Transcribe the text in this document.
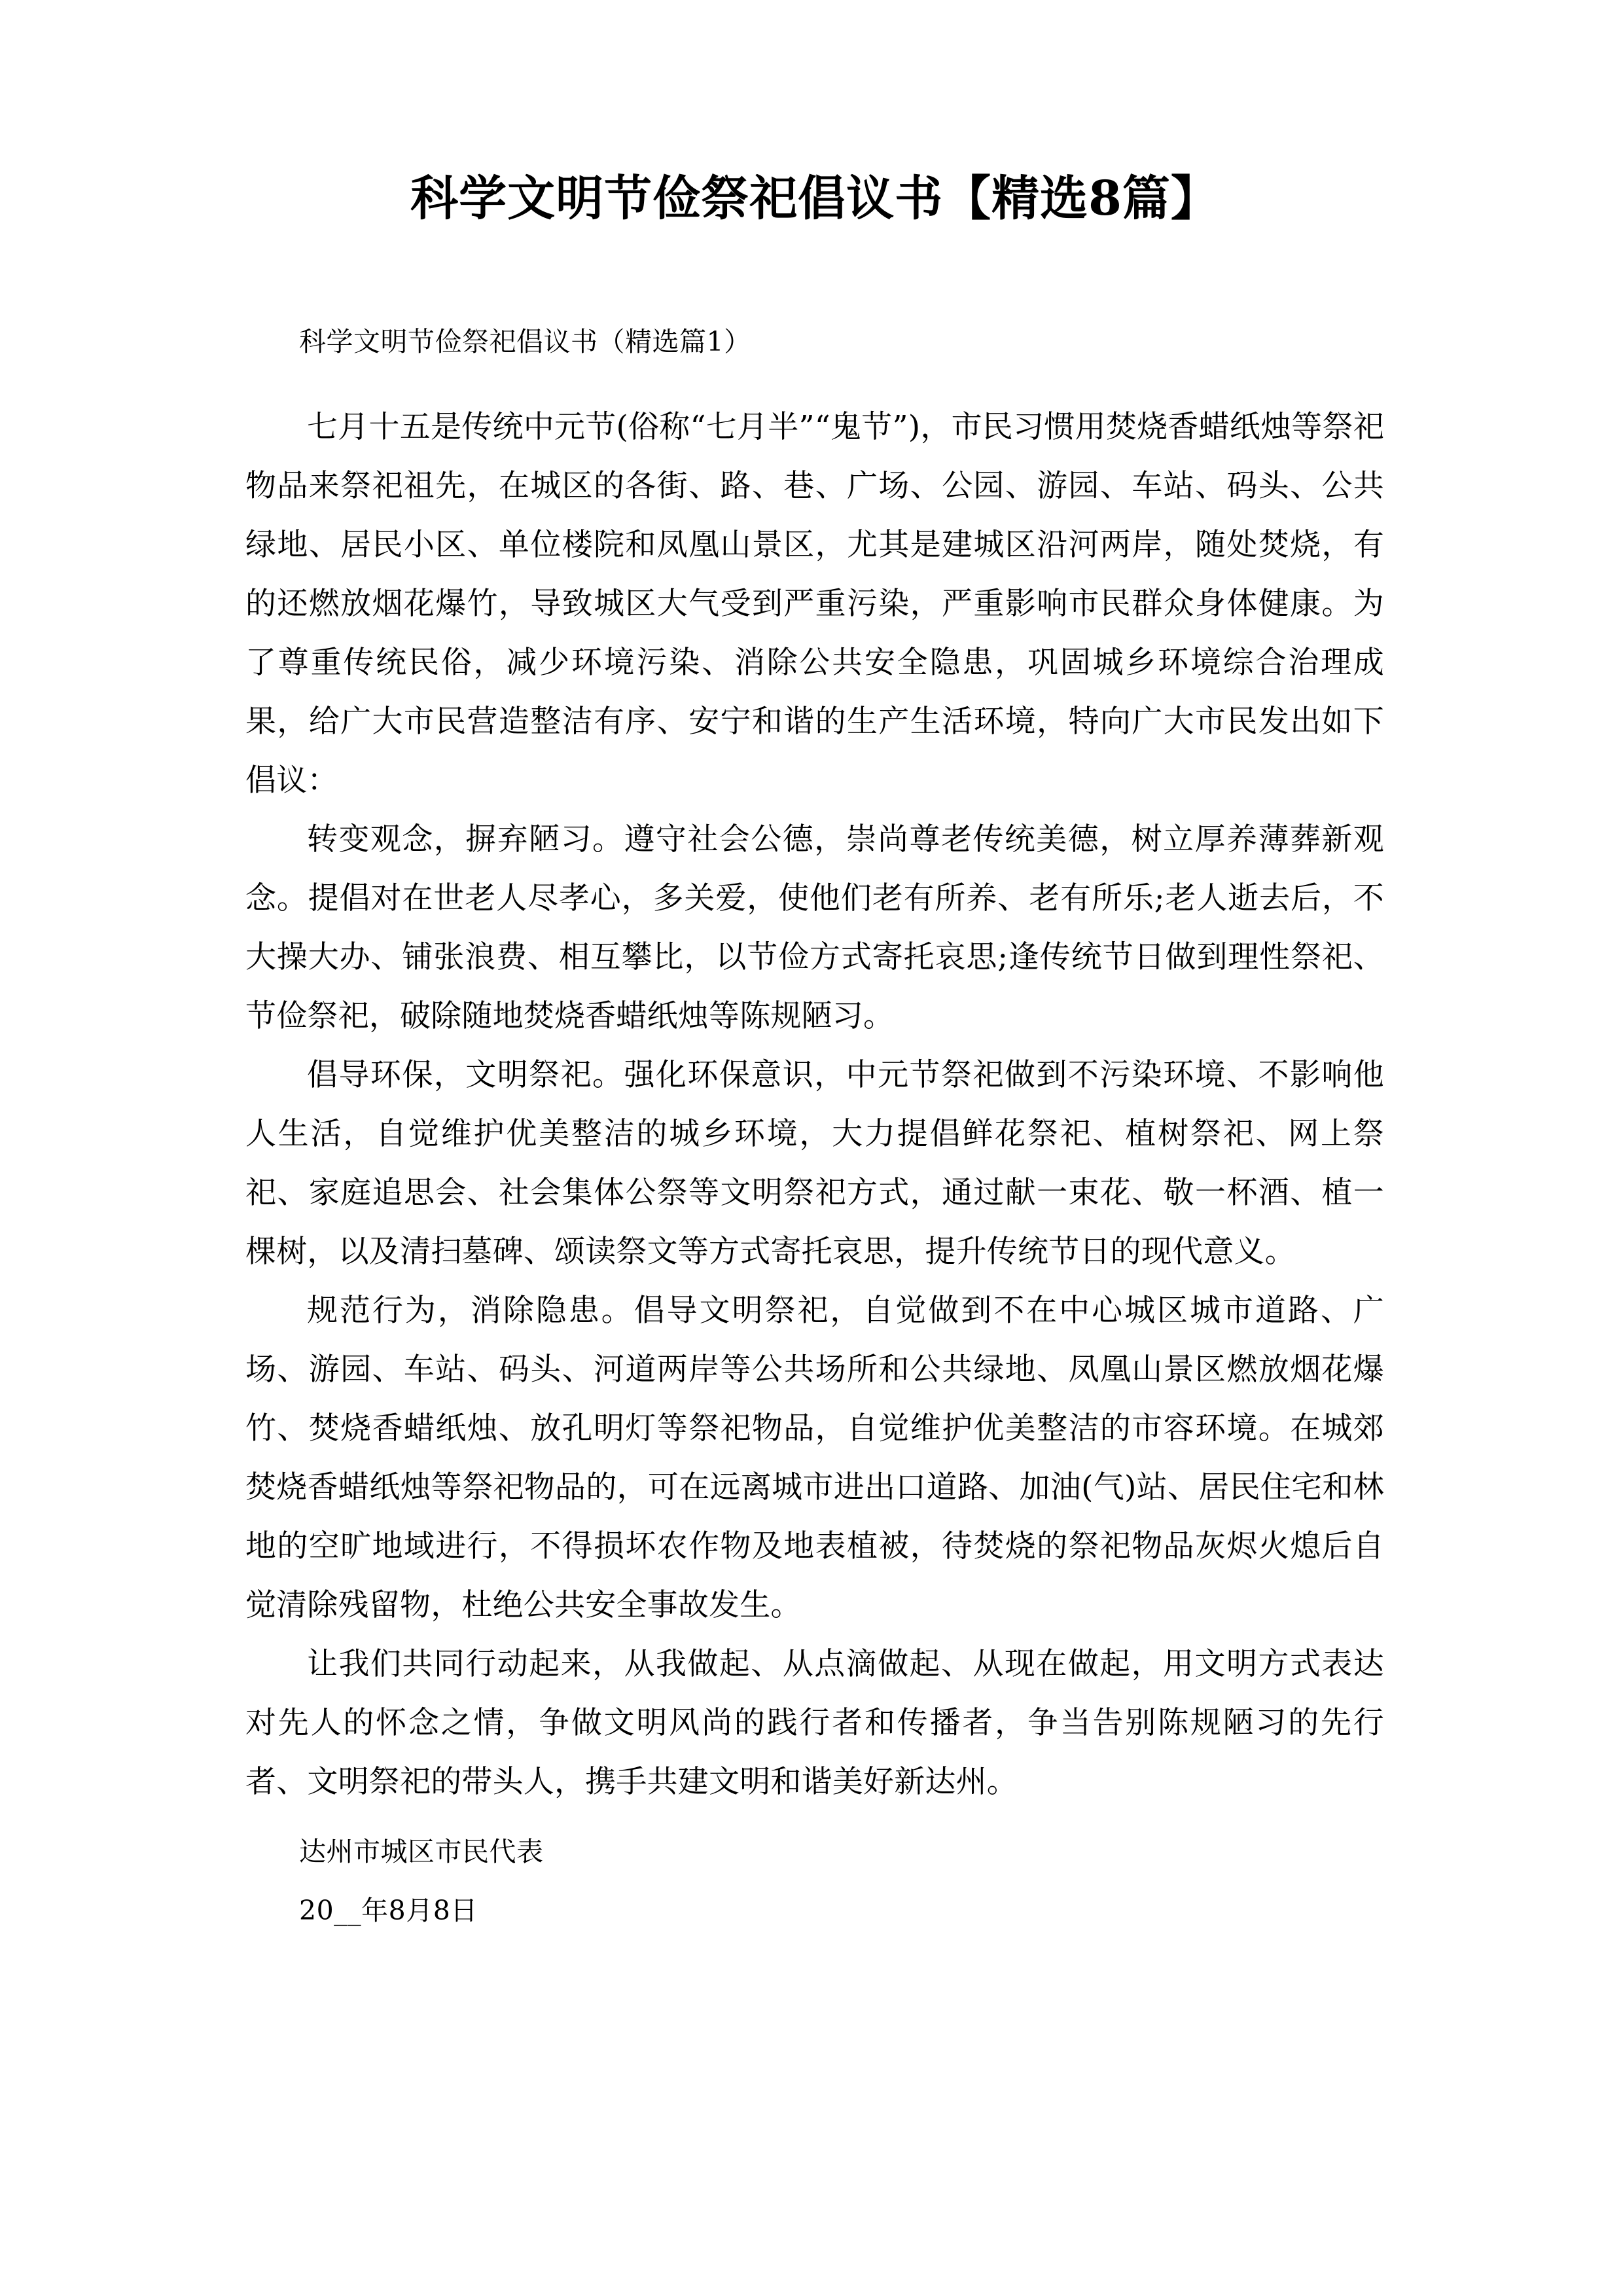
科学文明节俭祭祀倡议书【精选8篇】

科学文明节俭祭祀倡议书（精选篇1）

七月十五是传统中元节(俗称“七月半”“鬼节”)，市民习惯用焚烧香蜡纸烛等祭祀物品来祭祀祖先，在城区的各街、路、巷、广场、公园、游园、车站、码头、公共绿地、居民小区、单位楼院和凤凰山景区，尤其是建城区沿河两岸，随处焚烧，有的还燃放烟花爆竹，导致城区大气受到严重污染，严重影响市民群众身体健康。为了尊重传统民俗，减少环境污染、消除公共安全隐患，巩固城乡环境综合治理成果，给广大市民营造整洁有序、安宁和谐的生产生活环境，特向广大市民发出如下倡议：

转变观念，摒弃陋习。遵守社会公德，崇尚尊老传统美德，树立厚养薄葬新观念。提倡对在世老人尽孝心，多关爱，使他们老有所养、老有所乐;老人逝去后，不大操大办、铺张浪费、相互攀比，以节俭方式寄托哀思;逢传统节日做到理性祭祀、节俭祭祀，破除随地焚烧香蜡纸烛等陈规陋习。

倡导环保，文明祭祀。强化环保意识，中元节祭祀做到不污染环境、不影响他人生活，自觉维护优美整洁的城乡环境，大力提倡鲜花祭祀、植树祭祀、网上祭祀、家庭追思会、社会集体公祭等文明祭祀方式，通过献一束花、敬一杯酒、植一棵树，以及清扫墓碑、颂读祭文等方式寄托哀思，提升传统节日的现代意义。

规范行为，消除隐患。倡导文明祭祀，自觉做到不在中心城区城市道路、广场、游园、车站、码头、河道两岸等公共场所和公共绿地、凤凰山景区燃放烟花爆竹、焚烧香蜡纸烛、放孔明灯等祭祀物品，自觉维护优美整洁的市容环境。在城郊焚烧香蜡纸烛等祭祀物品的，可在远离城市进出口道路、加油(气)站、居民住宅和林地的空旷地域进行，不得损坏农作物及地表植被，待焚烧的祭祀物品灰烬火熄后自觉清除残留物，杜绝公共安全事故发生。

让我们共同行动起来，从我做起、从点滴做起、从现在做起，用文明方式表达对先人的怀念之情，争做文明风尚的践行者和传播者，争当告别陈规陋习的先行者、文明祭祀的带头人，携手共建文明和谐美好新达州。

达州市城区市民代表

20__年8月8日
